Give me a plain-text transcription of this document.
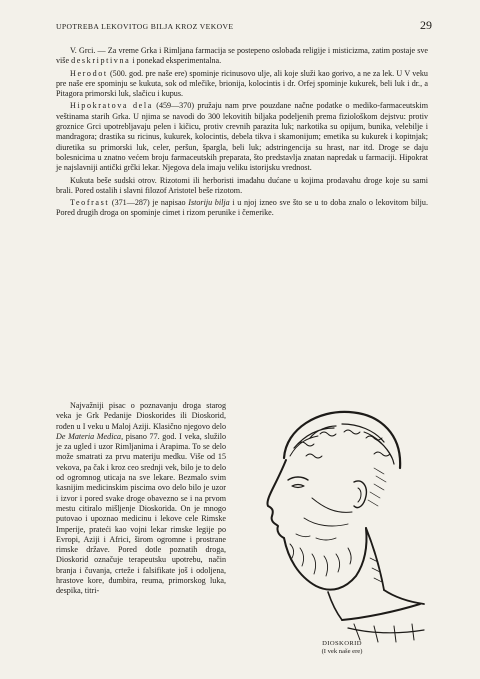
UPOTREBA LEKOVITOG BILJA KROZ VEKOVE	29

V. Grci. — Za vreme Grka i Rimljana farmacija se postepeno oslobađa religije i misticizma, zatim postaje sve više deskriptivna i ponekad eksperimentalna.

Herodot (500. god. pre naše ere) spominje ricinusovo ulje, ali koje služi kao gorivo, a ne za lek. U V veku pre naše ere spominju se kukuta, sok od mlečike, brionija, kolocintis i dr. Orfej spominje kukurek, beli luk i dr., a Pitagora primorski luk, slačicu i kupus.

Hipokratova dela (459—370) pružaju nam prve pouzdane načne podatke o mediko-farmaceutskim veštinama starih Grka. U njima se navodi do 300 lekovitih biljaka podeljenih prema fiziološkom dejstvu: protiv groznice Grci upotrebljavaju pelen i kičicu, protiv crevnih parazita luk; narkotika su opijum, bunika, velebilje i mandragora; drastika su ricinus, kukurek, kolocintis, debela tikva i skamonijum; emetika su kukurek i kopitnjak; diuretika su primorski luk, celer, peršun, špargla, beli luk; adstringencija su hrast, nar itd. Droge se daju bolesnicima u znatno većem broju farmaceutskih preparata, što predstavlja znatan napredak u farmaciji. Hipokrat je najslavniji antički grčki lekar. Njegova dela imaju veliku istorijsku vrednost.

Kukuta beše sudski otrov. Rizotomi ili herboristi imađahu dućane u kojima prodavahu droge koje su sami brali. Pored ostalih i slavni filozof Aristotel beše rizotom.

Teofrast (371—287) je napisao Istoriju bilja i u njoj izneo sve što se u to doba znalo o lekovitom bilju. Pored drugih droga on spominje cimet i rizom perunike i čemerike.

Najvažniji pisac o poznavanju droga starog veka je Grk Pedanije Dioskorides ili Dioskorid, rođen u I veku u Maloj Aziji. Klasično njegovo delo De Materia Medica, pisano 77. god. I veka, služilo je za ugled i uzor Rimljanima i Arapima. To se delo može smatrati za prvu materiju medku. Više od 15 vekova, pa čak i kroz ceo srednji vek, bilo je to delo od ogromnog uticaja na sve lekare. Bezmalo svim kasnijim medicinskim piscima ovo delo bilo je uzor i izvor i pored svake droge obavezno se i na prvom mestu citiralo mišljenje Dioskorida. On je mnogo putovao i upoznao medicinu i lekove cele Rimske Imperije, prateći kao vojni lekar rimske legije po Evropi, Aziji i Africi, širom ogromne i prostrane rimske države. Pored dotle poznatih droga, Dioskorid označuje terapeutsku upotrebu, način branja i čuvanja, crteže i falsifikate još i odoljena, hrastove kore, đumbira, reuma, primorskog luka, despika, titri-

DIOSKORID
(I vek naše ere)
